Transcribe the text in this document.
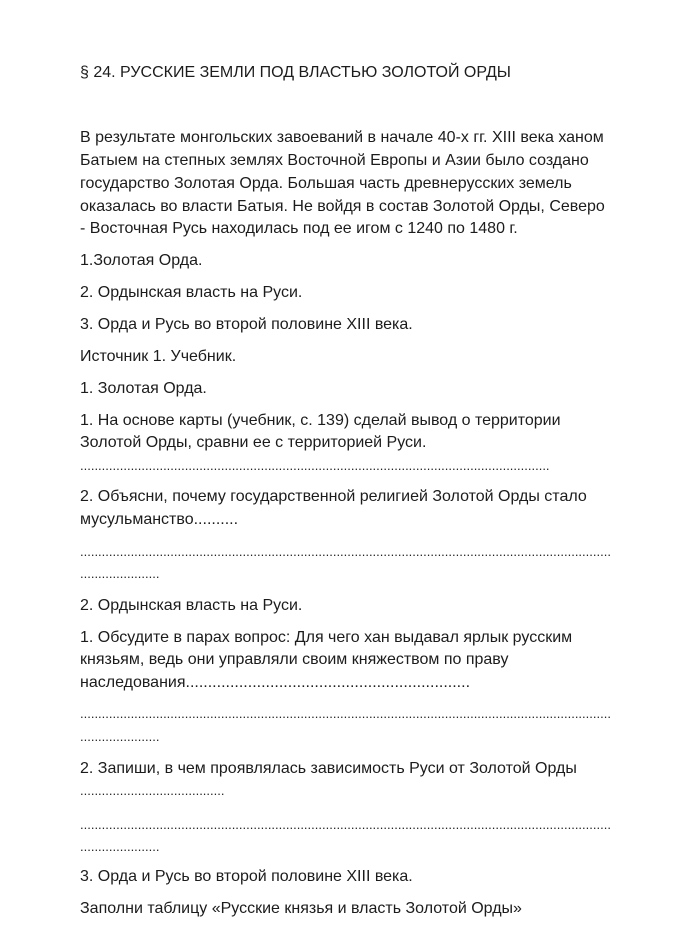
§ 24. РУССКИЕ ЗЕМЛИ ПОД ВЛАСТЬЮ ЗОЛОТОЙ ОРДЫ
В результате монгольских завоеваний в начале 40-х гг. XIII века ханом
Батыем на степных землях Восточной Европы и Азии было создано
государство Золотая Орда. Большая часть древнерусских земель
оказалась во власти Батыя. Не войдя в состав Золотой Орды, Северо
- Восточная Русь находилась под ее игом с 1240 по 1480 г.
1.Золотая Орда.
2. Ордынская власть на Руси.
3. Орда и Русь во второй половине XIII века.
Источник 1. Учебник.
1. Золотая Орда.
1. На основе карты (учебник, с. 139) сделай вывод о территории
Золотой Орды, сравни ее с территорией Руси.
..................................................................................................................................
2. Объясни, почему государственной религией Золотой Орды стало
мусульманство..........
...................................................................................................................................................
......................
2. Ордынская власть на Руси.
1. Обсудите в парах вопрос: Для чего хан выдавал ярлык русским
князьям, ведь они управляли своим княжеством по праву
наследования................................................................
...................................................................................................................................................
......................
2. Запиши, в чем проявлялась зависимость Руси от Золотой Орды
........................................
...................................................................................................................................................
......................
3. Орда и Русь во второй половине XIII века.
Заполни таблицу «Русские князья и власть Золотой Орды»
